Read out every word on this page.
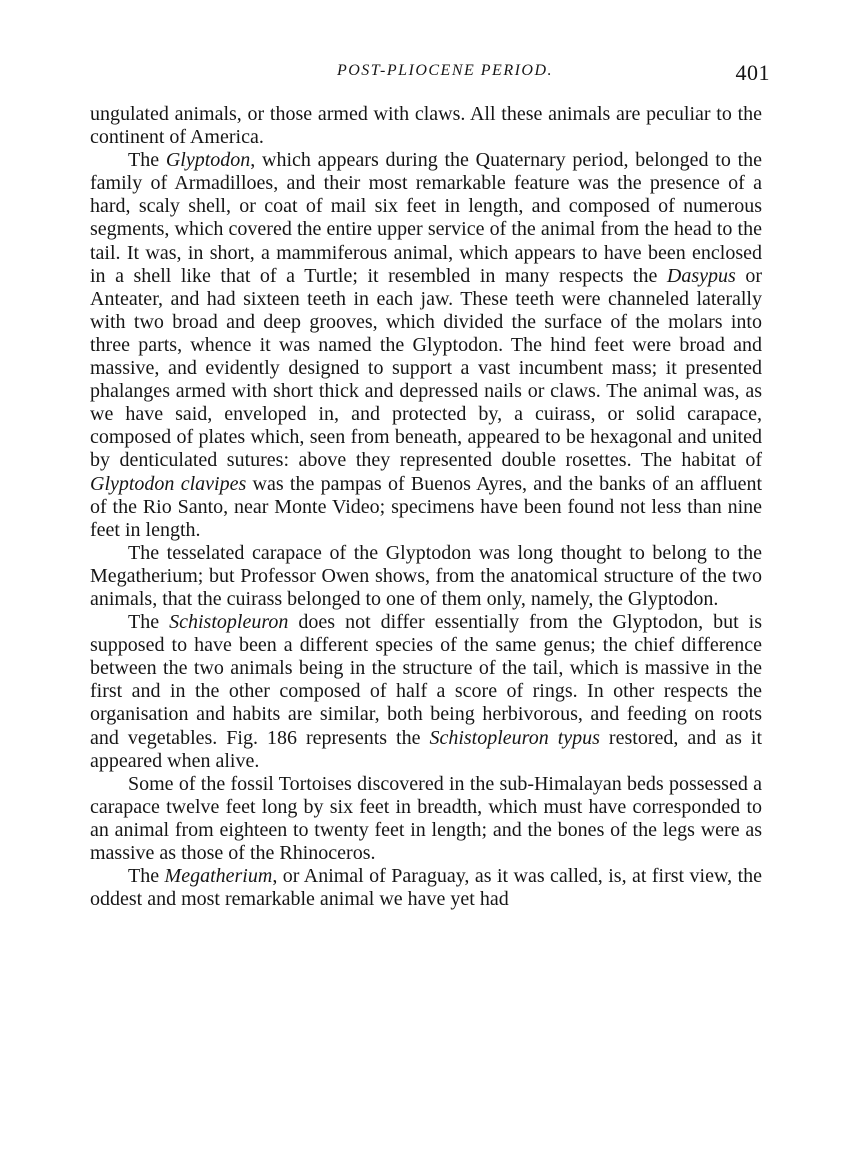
POST-PLIOCENE PERIOD.	401

ungulated animals, or those armed with claws. All these animals are peculiar to the continent of America.

The Glyptodon, which appears during the Quaternary period, belonged to the family of Armadilloes, and their most remarkable feature was the presence of a hard, scaly shell, or coat of mail six feet in length, and composed of numerous segments, which covered the entire upper service of the animal from the head to the tail. It was, in short, a mammiferous animal, which appears to have been enclosed in a shell like that of a Turtle; it resembled in many respects the Dasypus or Anteater, and had sixteen teeth in each jaw. These teeth were channeled laterally with two broad and deep grooves, which divided the surface of the molars into three parts, whence it was named the Glyptodon. The hind feet were broad and massive, and evidently designed to support a vast incumbent mass; it presented phalanges armed with short thick and depressed nails or claws. The animal was, as we have said, enveloped in, and protected by, a cuirass, or solid carapace, composed of plates which, seen from beneath, appeared to be hexagonal and united by denticulated sutures: above they represented double rosettes. The habitat of Glyptodon clavipes was the pampas of Buenos Ayres, and the banks of an affluent of the Rio Santo, near Monte Video; specimens have been found not less than nine feet in length.

The tesselated carapace of the Glyptodon was long thought to belong to the Megatherium; but Professor Owen shows, from the anatomical structure of the two animals, that the cuirass belonged to one of them only, namely, the Glyptodon.

The Schistopleuron does not differ essentially from the Glyptodon, but is supposed to have been a different species of the same genus; the chief difference between the two animals being in the structure of the tail, which is massive in the first and in the other composed of half a score of rings. In other respects the organisation and habits are similar, both being herbivorous, and feeding on roots and vegetables. Fig. 186 represents the Schistopleuron typus restored, and as it appeared when alive.

Some of the fossil Tortoises discovered in the sub-Himalayan beds possessed a carapace twelve feet long by six feet in breadth, which must have corresponded to an animal from eighteen to twenty feet in length; and the bones of the legs were as massive as those of the Rhinoceros.

The Megatherium, or Animal of Paraguay, as it was called, is, at first view, the oddest and most remarkable animal we have yet had
